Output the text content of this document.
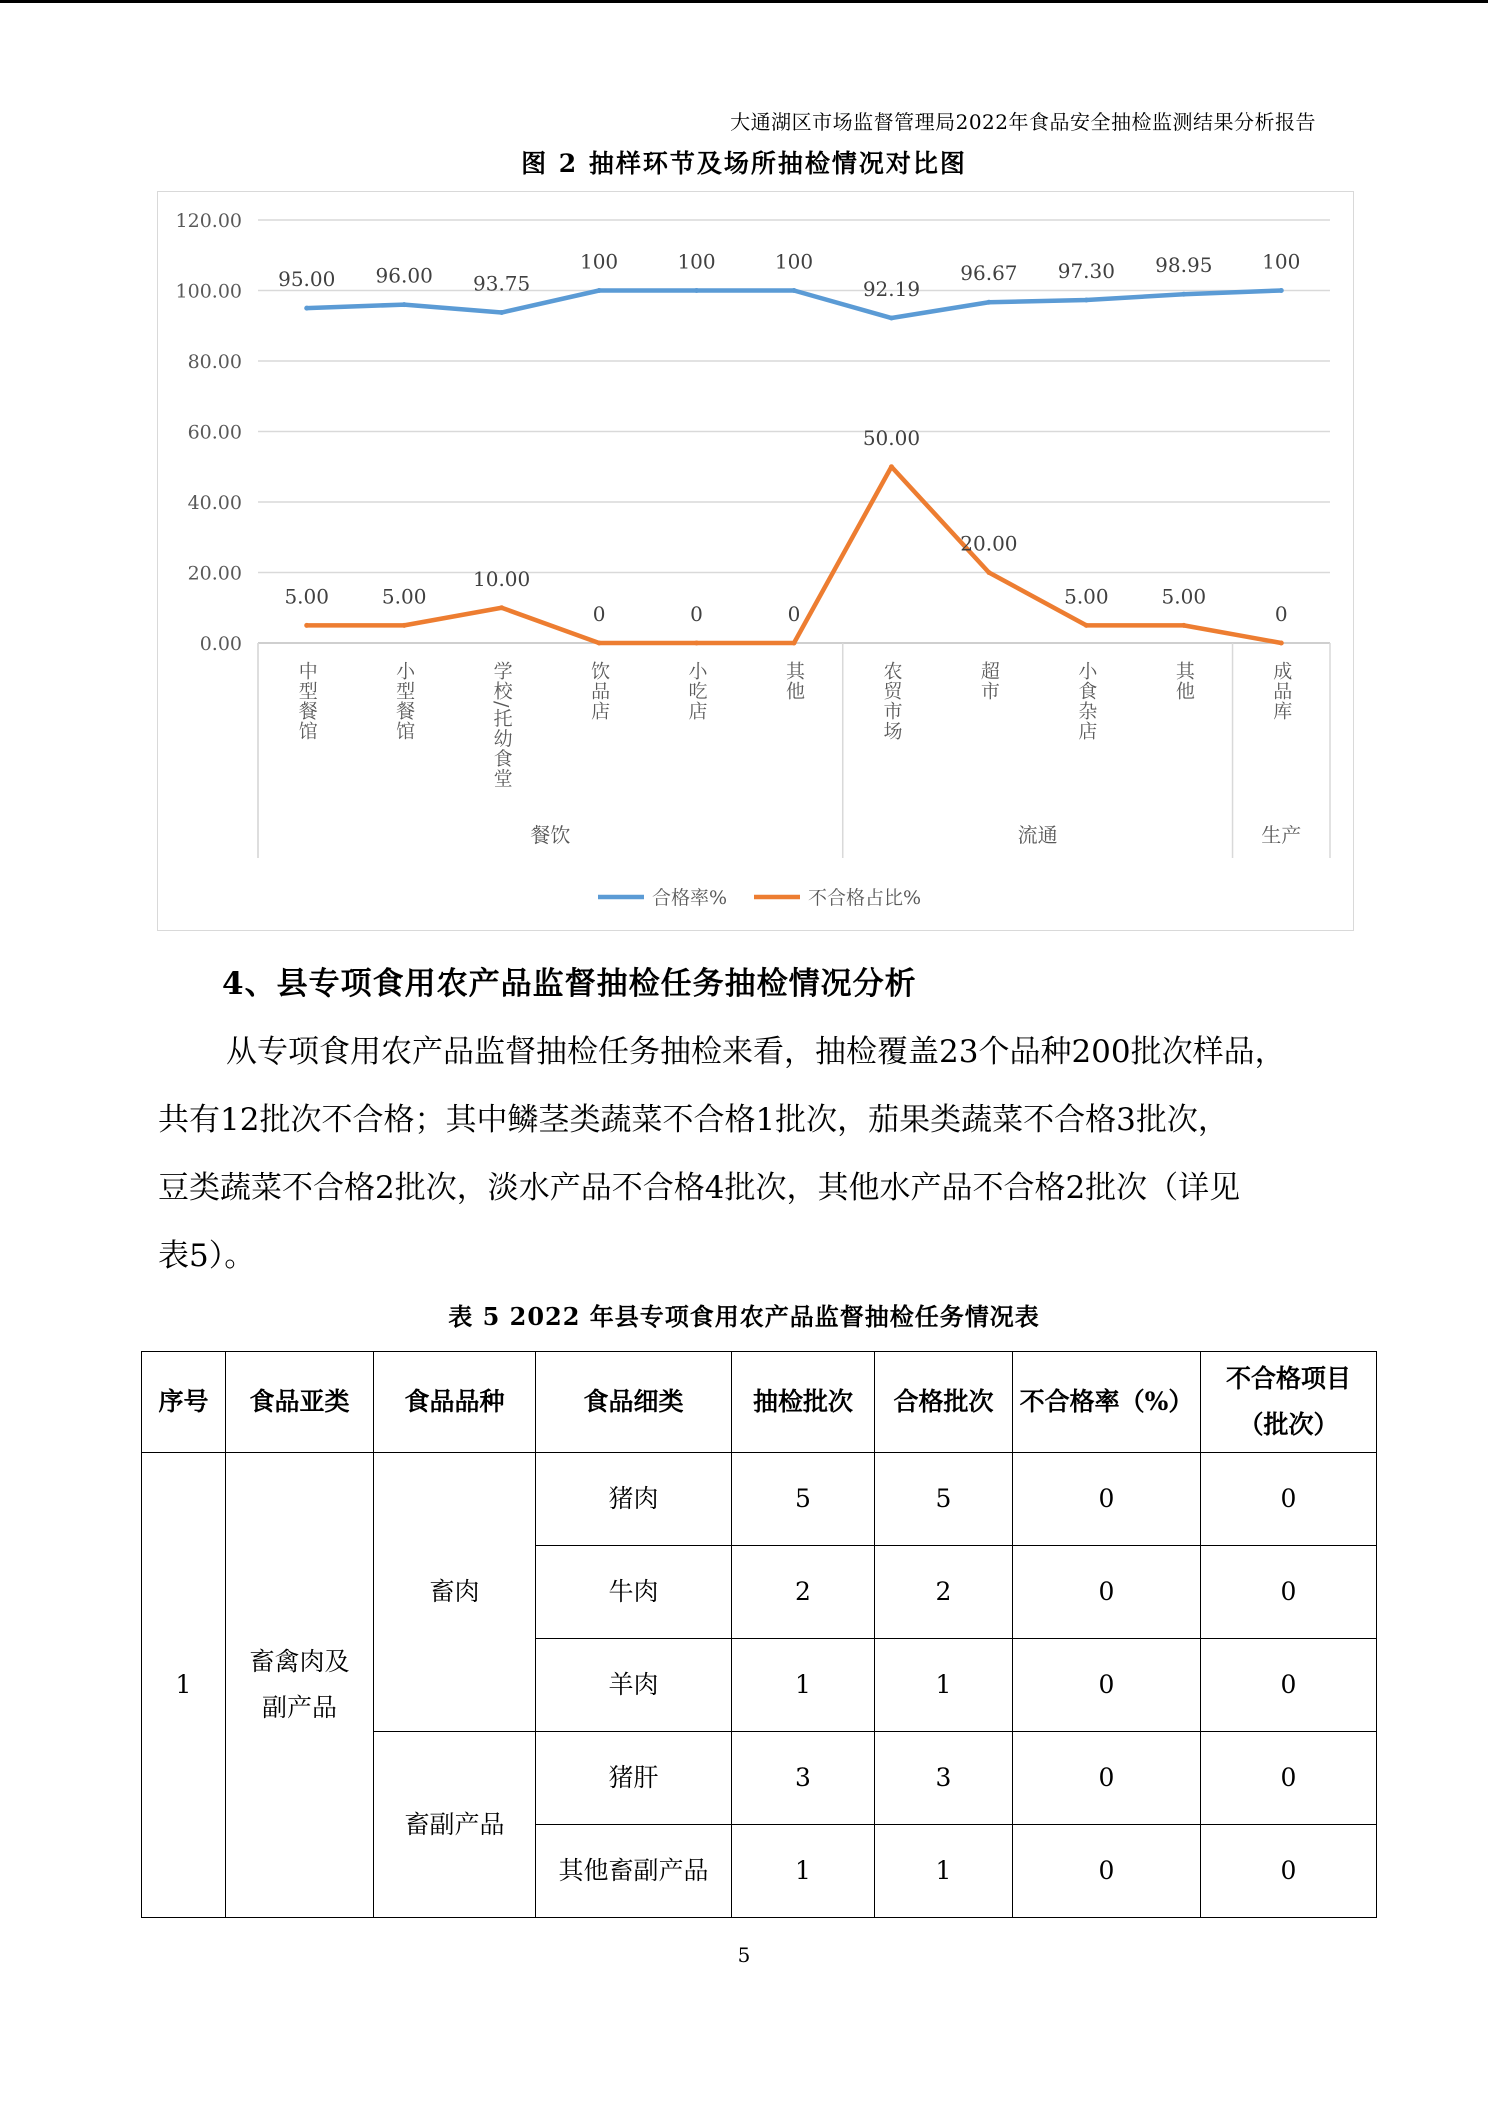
大通湖区市场监督管理局2022年食品安全抽检监测结果分析报告
图 2 抽样环节及场所抽检情况对比图
0.00
20.00
40.00
60.00
80.00
100.00
120.00
中型餐馆	小型餐馆	学校/托幼食堂	饮品店	小吃店	其他	农贸市场	超市	小食杂店	其他	成品库
餐饮	流通	生产
95.00 96.00 93.75
100	100	100
92.19
96.67 97.30 98.95 100
5.00	5.00
10.00
0	0	0
50.00
20.00
5.00	5.00
0
合格率%	不合格占比%
4、县专项食用农产品监督抽检任务抽检情况分析
从专项食用农产品监督抽检任务抽检来看，抽检覆盖23个品种200批次样品，
共有12批次不合格；其中鳞茎类蔬菜不合格1批次，茄果类蔬菜不合格3批次，
豆类蔬菜不合格2批次，淡水产品不合格4批次，其他水产品不合格2批次（详见
表5）。
表 5 2022 年县专项食用农产品监督抽检任务情况表
序号	食品亚类	食品品种	食品细类	抽检批次	合格批次	不合格率（%）	不合格项目
（批次）

1	畜禽肉及
副产品	畜肉	猪肉	5	5	0	0
			牛肉	2	2	0	0
			羊肉	1	1	0	0
		畜副产品	猪肝	3	3	0	0
			其他畜副产品	1	1	0	0
5
